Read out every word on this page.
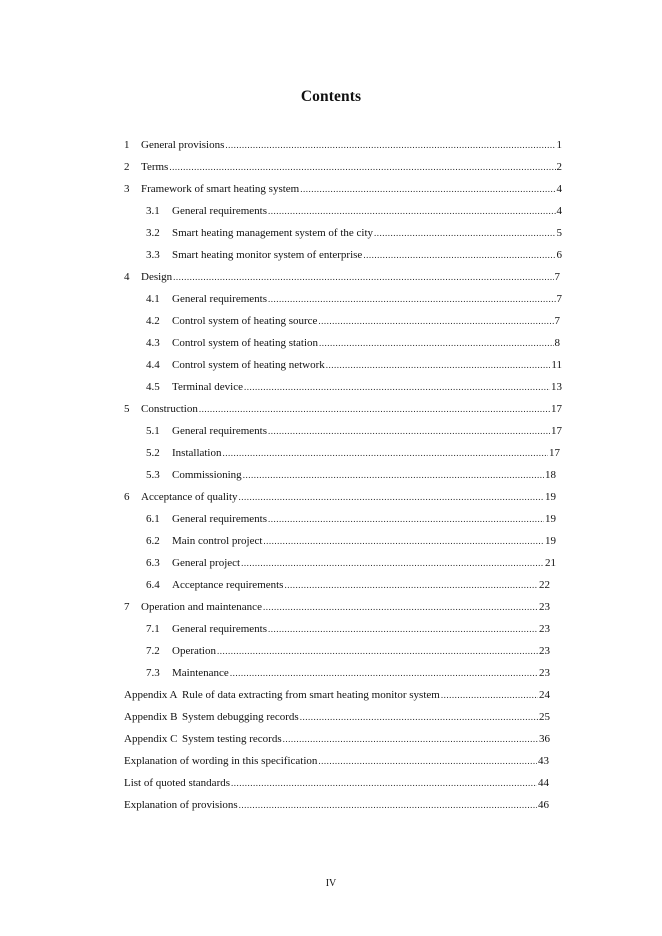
Contents
1	General provisions .....	1
2	Terms .....	2
3	Framework of smart heating system .....	4
3.1	General requirements .....	4
3.2	Smart heating management system of the city .....	5
3.3	Smart heating monitor system of enterprise .....	6
4	Design .....	7
4.1	General requirements .....	7
4.2	Control system of heating source .....	7
4.3	Control system of heating station .....	8
4.4	Control system of heating network .....	11
4.5	Terminal device .....	13
5	Construction .....	17
5.1	General requirements .....	17
5.2	Installation .....	17
5.3	Commissioning .....	18
6	Acceptance of quality .....	19
6.1	General requirements .....	19
6.2	Main control project .....	19
6.3	General project .....	21
6.4	Acceptance requirements .....	22
7	Operation and maintenance .....	23
7.1	General requirements .....	23
7.2	Operation .....	23
7.3	Maintenance .....	23
Appendix A Rule of data extracting from smart heating monitor system .....	24
Appendix B System debugging records .....	25
Appendix C System testing records .....	36
Explanation of wording in this specification .....	43
List of quoted standards .....	44
Explanation of provisions .....	46
IV
